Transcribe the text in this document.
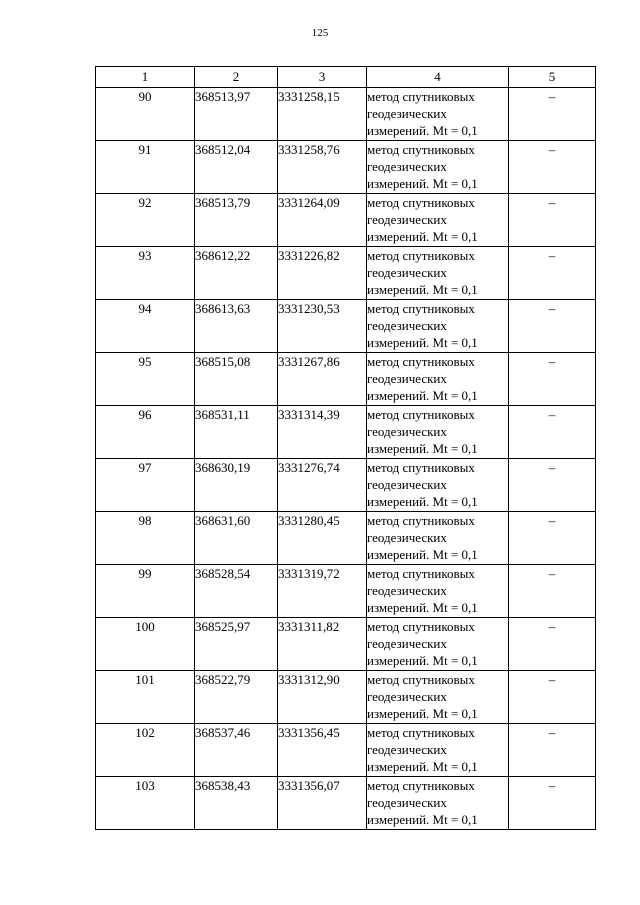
125
1	2	3	4	5
90	368513,97	3331258,15	метод спутниковых
геодезических
измерений. Mt = 0,1	–
91	368512,04	3331258,76	метод спутниковых
геодезических
измерений. Mt = 0,1	–
92	368513,79	3331264,09	метод спутниковых
геодезических
измерений. Mt = 0,1	–
93	368612,22	3331226,82	метод спутниковых
геодезических
измерений. Mt = 0,1	–
94	368613,63	3331230,53	метод спутниковых
геодезических
измерений. Mt = 0,1	–
95	368515,08	3331267,86	метод спутниковых
геодезических
измерений. Mt = 0,1	–
96	368531,11	3331314,39	метод спутниковых
геодезических
измерений. Mt = 0,1	–
97	368630,19	3331276,74	метод спутниковых
геодезических
измерений. Mt = 0,1	–
98	368631,60	3331280,45	метод спутниковых
геодезических
измерений. Mt = 0,1	–
99	368528,54	3331319,72	метод спутниковых
геодезических
измерений. Mt = 0,1	–
100	368525,97	3331311,82	метод спутниковых
геодезических
измерений. Mt = 0,1	–
101	368522,79	3331312,90	метод спутниковых
геодезических
измерений. Mt = 0,1	–
102	368537,46	3331356,45	метод спутниковых
геодезических
измерений. Mt = 0,1	–
103	368538,43	3331356,07	метод спутниковых
геодезических
измерений. Mt = 0,1	–
